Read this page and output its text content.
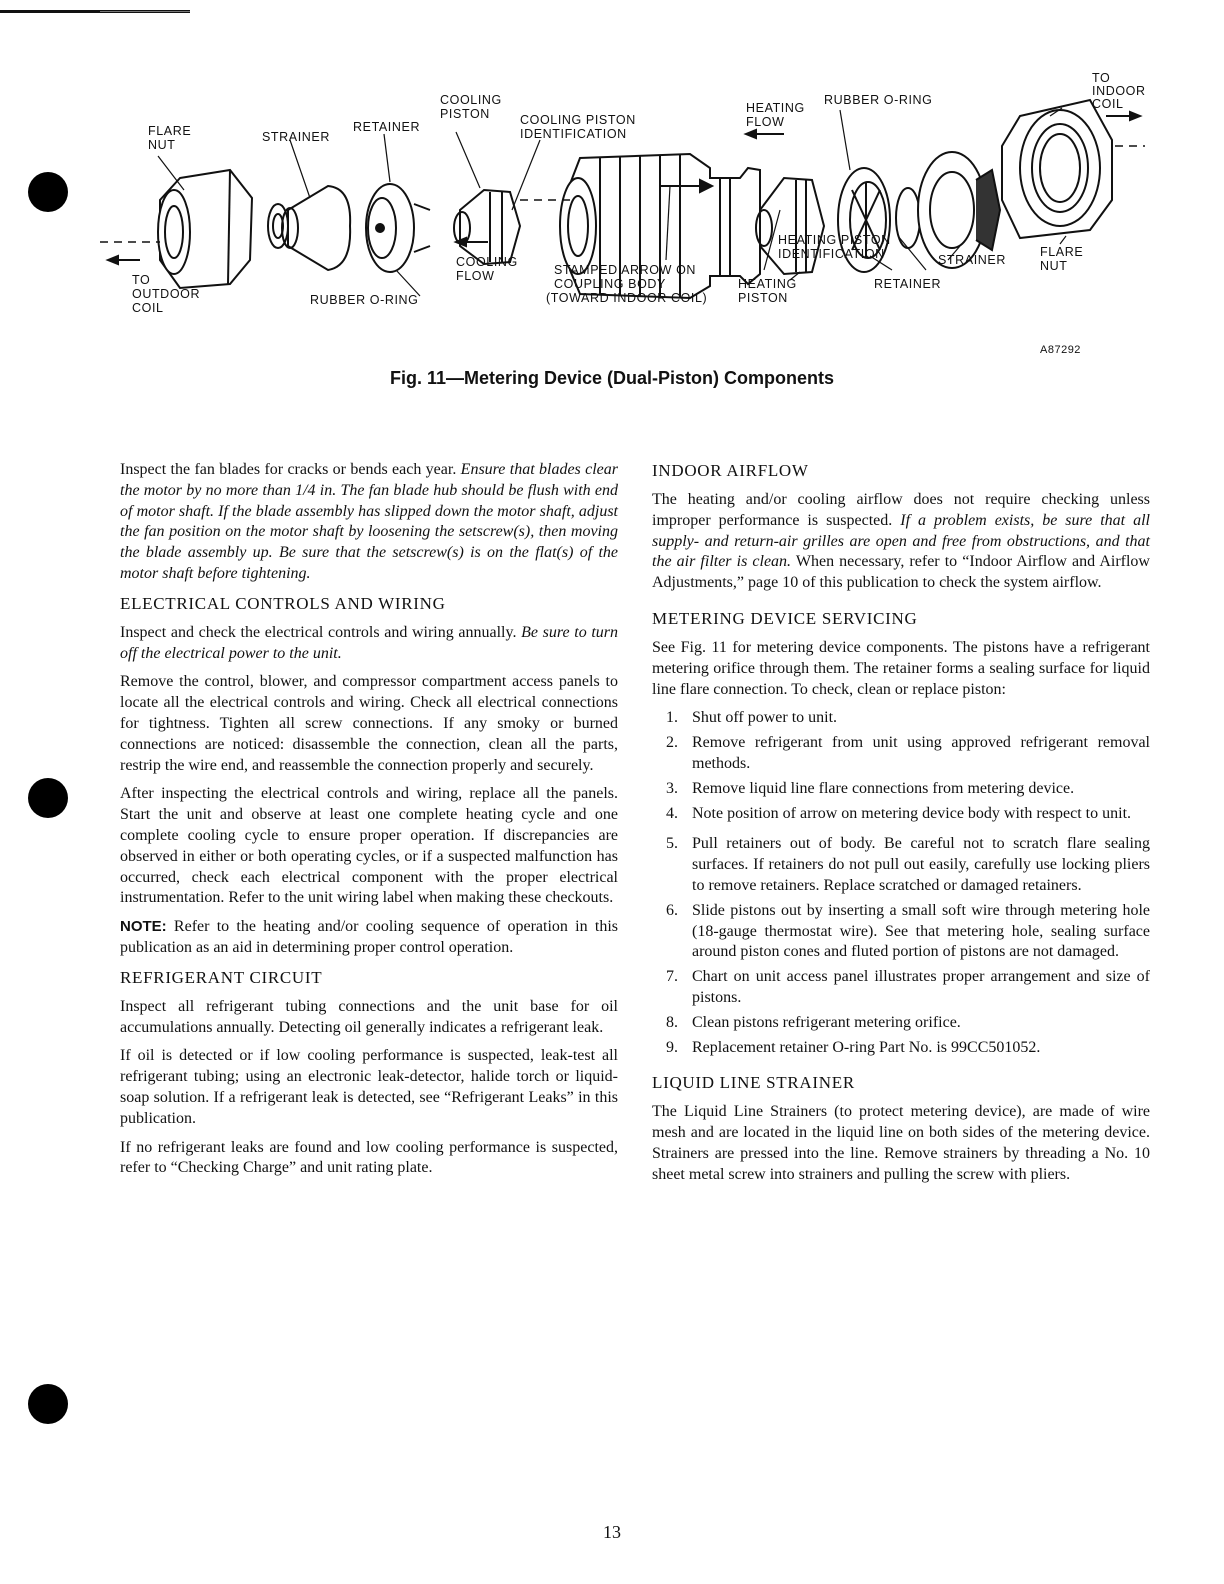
FLARE NUT
STRAINER
RETAINER
COOLING PISTON	COOLING PISTON IDENTIFICATION
HEATING FLOW
RUBBER O-RING
TO INDOOR COIL
TO OUTDOOR COIL
RUBBER O-RING
COOLING FLOW	STAMPED ARROW ON COUPLING BODY (TOWARD INDOOR COIL)
HEATING PISTON IDENTIFICATION
HEATING PISTON
RETAINER
STRAINER
FLARE NUT
A87292
Fig. 11—Metering Device (Dual-Piston) Components

Inspect the fan blades for cracks or bends each year. Ensure that blades clear the motor by no more than 1/4 in. The fan blade hub should be flush with end of motor shaft. If the blade assembly has slipped down the motor shaft, adjust the fan position on the motor shaft by loosening the setscrew(s), then moving the blade assembly up. Be sure that the setscrew(s) is on the flat(s) of the motor shaft before tightening.

ELECTRICAL CONTROLS AND WIRING

Inspect and check the electrical controls and wiring annually. Be sure to turn off the electrical power to the unit.

Remove the control, blower, and compressor compartment access panels to locate all the electrical controls and wiring. Check all electrical connections for tightness. Tighten all screw connections. If any smoky or burned connections are noticed: disassemble the connection, clean all the parts, restrip the wire end, and reassemble the connection properly and securely.

After inspecting the electrical controls and wiring, replace all the panels. Start the unit and observe at least one complete heating cycle and one complete cooling cycle to ensure proper operation. If discrepancies are observed in either or both operating cycles, or if a suspected malfunction has occurred, check each electrical component with the proper electrical instrumentation. Refer to the unit wiring label when making these checkouts.

NOTE: Refer to the heating and/or cooling sequence of operation in this publication as an aid in determining proper control operation.

REFRIGERANT CIRCUIT

Inspect all refrigerant tubing connections and the unit base for oil accumulations annually. Detecting oil generally indicates a refrigerant leak.

If oil is detected or if low cooling performance is suspected, leak-test all refrigerant tubing; using an electronic leak-detector, halide torch or liquid-soap solution. If a refrigerant leak is detected, see “Refrigerant Leaks” in this publication.

If no refrigerant leaks are found and low cooling performance is suspected, refer to “Checking Charge” and unit rating plate.

INDOOR AIRFLOW

The heating and/or cooling airflow does not require checking unless improper performance is suspected. If a problem exists, be sure that all supply- and return-air grilles are open and free from obstructions, and that the air filter is clean. When necessary, refer to “Indoor Airflow and Airflow Adjustments,” page 10 of this publication to check the system airflow.

METERING DEVICE SERVICING

See Fig. 11 for metering device components. The pistons have a refrigerant metering orifice through them. The retainer forms a sealing surface for liquid line flare connection. To check, clean or replace piston:

1. Shut off power to unit.
2. Remove refrigerant from unit using approved refrigerant removal methods.
3. Remove liquid line flare connections from metering device.
4. Note position of arrow on metering device body with respect to unit.
5. Pull retainers out of body. Be careful not to scratch flare sealing surfaces. If retainers do not pull out easily, carefully use locking pliers to remove retainers. Replace scratched or damaged retainers.
6. Slide pistons out by inserting a small soft wire through metering hole (18-gauge thermostat wire). See that metering hole, sealing surface around piston cones and fluted portion of pistons are not damaged.
7. Chart on unit access panel illustrates proper arrangement and size of pistons.
8. Clean pistons refrigerant metering orifice.
9. Replacement retainer O-ring Part No. is 99CC501052.
LIQUID LINE STRAINER

The Liquid Line Strainers (to protect metering device), are made of wire mesh and are located in the liquid line on both sides of the metering device. Strainers are pressed into the line. Remove strainers by threading a No. 10 sheet metal screw into strainers and pulling the screw with pliers.

13
